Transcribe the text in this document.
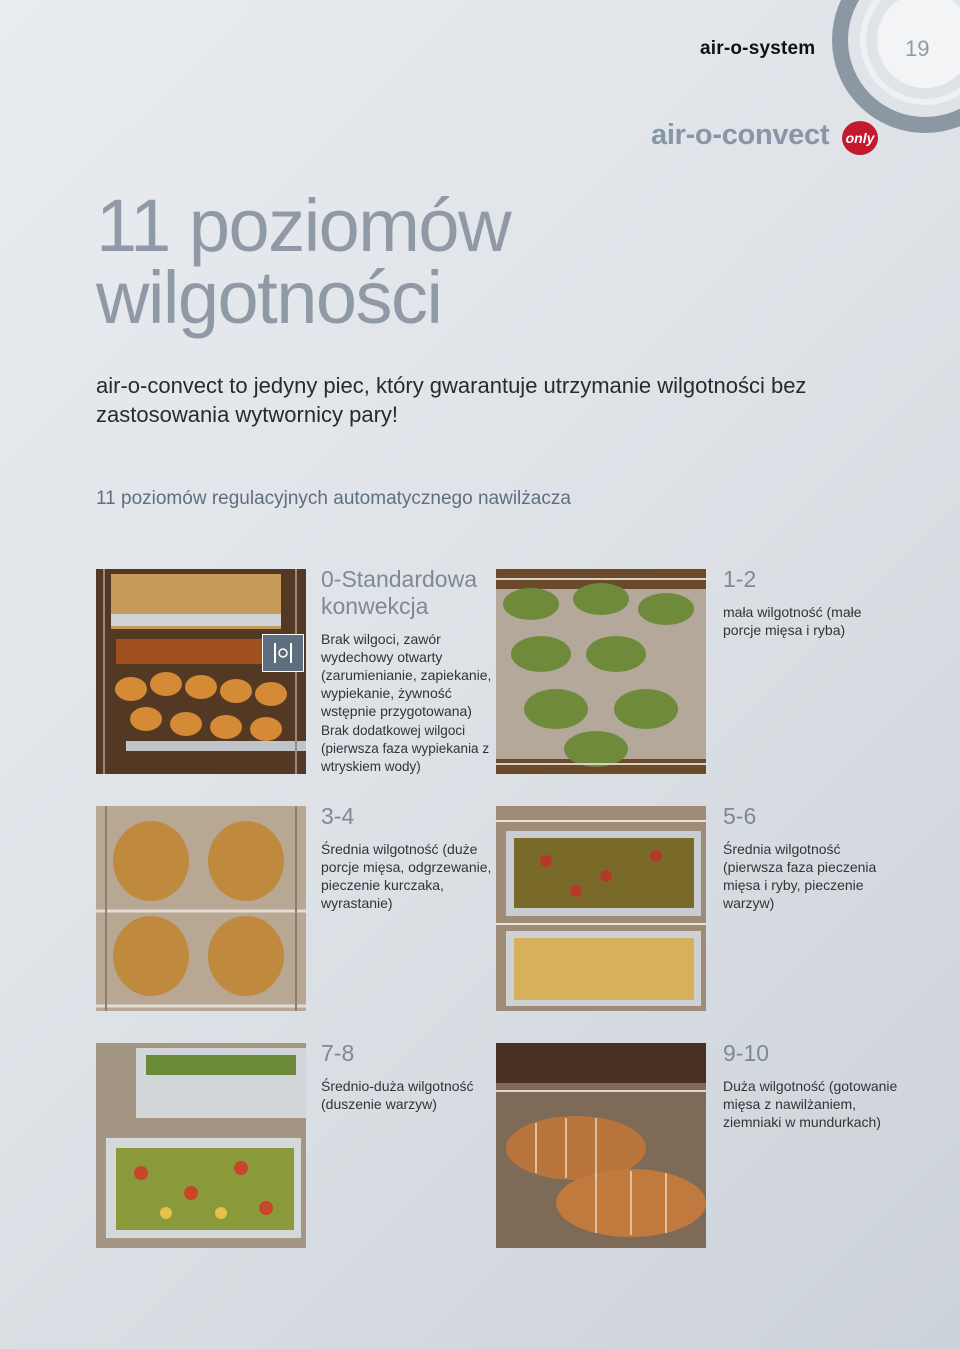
air-o-system	19
air-o-convect only
11 poziomów
wilgotności
air-o-convect to jedyny piec, który gwarantuje utrzymanie wilgotności bez zastosowania wytwornicy pary!
11 poziomów regulacyjnych automatycznego nawilżacza
0-Standardowa konwekcja
Brak wilgoci, zawór wydechowy otwarty (zarumienianie, zapiekanie, wypiekanie, żywność wstępnie przygotowana)
Brak dodatkowej wilgoci (pierwsza faza wypiekania z wtryskiem wody)
1-2
mała wilgotność (małe porcje mięsa i ryba)
3-4
Średnia wilgotność (duże porcje mięsa, odgrzewanie, pieczenie kurczaka, wyrastanie)
5-6
Średnia wilgotność (pierwsza faza pieczenia mięsa i ryby, pieczenie warzyw)
7-8
Średnio-duża wilgotność (duszenie warzyw)
9-10
Duża wilgotność (gotowanie mięsa z nawilżaniem, ziemniaki w mundurkach)
